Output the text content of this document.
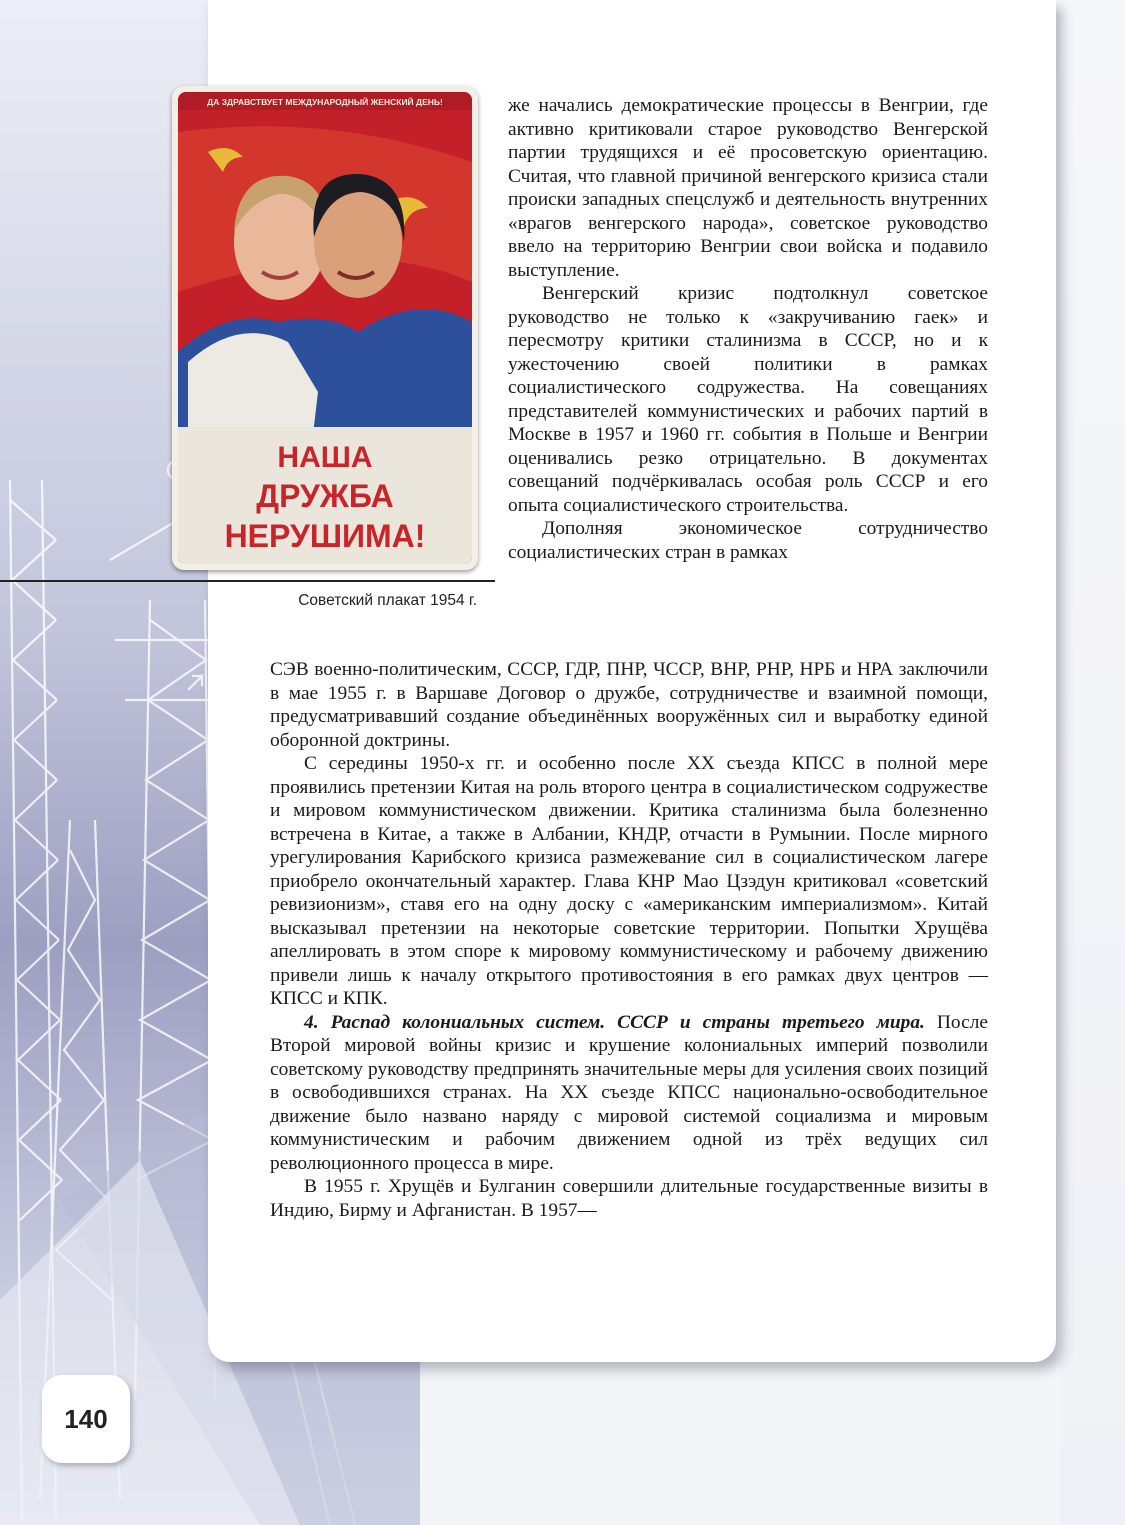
ДА ЗДРАВСТВУЕТ МЕЖДУНАРОДНЫЙ ЖЕНСКИЙ ДЕНЬ!
НАША
ДРУЖБА
НЕРУШИМА!
Советский плакат 1954 г.

же начались демократические процессы в Венгрии, где активно критиковали старое руководство Венгерской партии трудящихся и её просоветскую ориентацию. Считая, что главной причиной венгерского кризиса стали происки западных спецслужб и деятельность внутренних «врагов венгерского народа», советское руководство ввело на территорию Венгрии свои войска и подавило выступление.

Венгерский кризис подтолкнул советское руководство не только к «закручиванию гаек» и пересмотру критики сталинизма в СССР, но и к ужесточению своей политики в рамках социалистического содружества. На совещаниях представителей коммунистических и рабочих партий в Москве в 1957 и 1960 гг. события в Польше и Венгрии оценивались резко отрицательно. В документах совещаний подчёркивалась особая роль СССР и его опыта социалистического строительства.

Дополняя экономическое сотрудничество социалистических стран в рамках

СЭВ военно-политическим, СССР, ГДР, ПНР, ЧССР, ВНР, РНР, НРБ и НРА заключили в мае 1955 г. в Варшаве Договор о дружбе, сотрудничестве и взаимной помощи, предусматривавший создание объединённых вооружённых сил и выработку единой оборонной доктрины.

С середины 1950-х гг. и особенно после XX съезда КПСС в полной мере проявились претензии Китая на роль второго центра в социалистическом содружестве и мировом коммунистическом движении. Критика сталинизма была болезненно встречена в Китае, а также в Албании, КНДР, отчасти в Румынии. После мирного урегулирования Карибского кризиса размежевание сил в социалистическом лагере приобрело окончательный характер. Глава КНР Мао Цзэдун критиковал «советский ревизионизм», ставя его на одну доску с «американским империализмом». Китай высказывал претензии на некоторые советские территории. Попытки Хрущёва апеллировать в этом споре к мировому коммунистическому и рабочему движению привели лишь к началу открытого противостояния в его рамках двух центров — КПСС и КПК.

4. Распад колониальных систем. СССР и страны третьего мира. После Второй мировой войны кризис и крушение колониальных империй позволили советскому руководству предпринять значительные меры для усиления своих позиций в освободившихся странах. На XX съезде КПСС национально-освободительное движение было названо наряду с мировой системой социализма и мировым коммунистическим и рабочим движением одной из трёх ведущих сил революционного процесса в мире.

В 1955 г. Хрущёв и Булганин совершили длительные государственные визиты в Индию, Бирму и Афганистан. В 1957—

140
